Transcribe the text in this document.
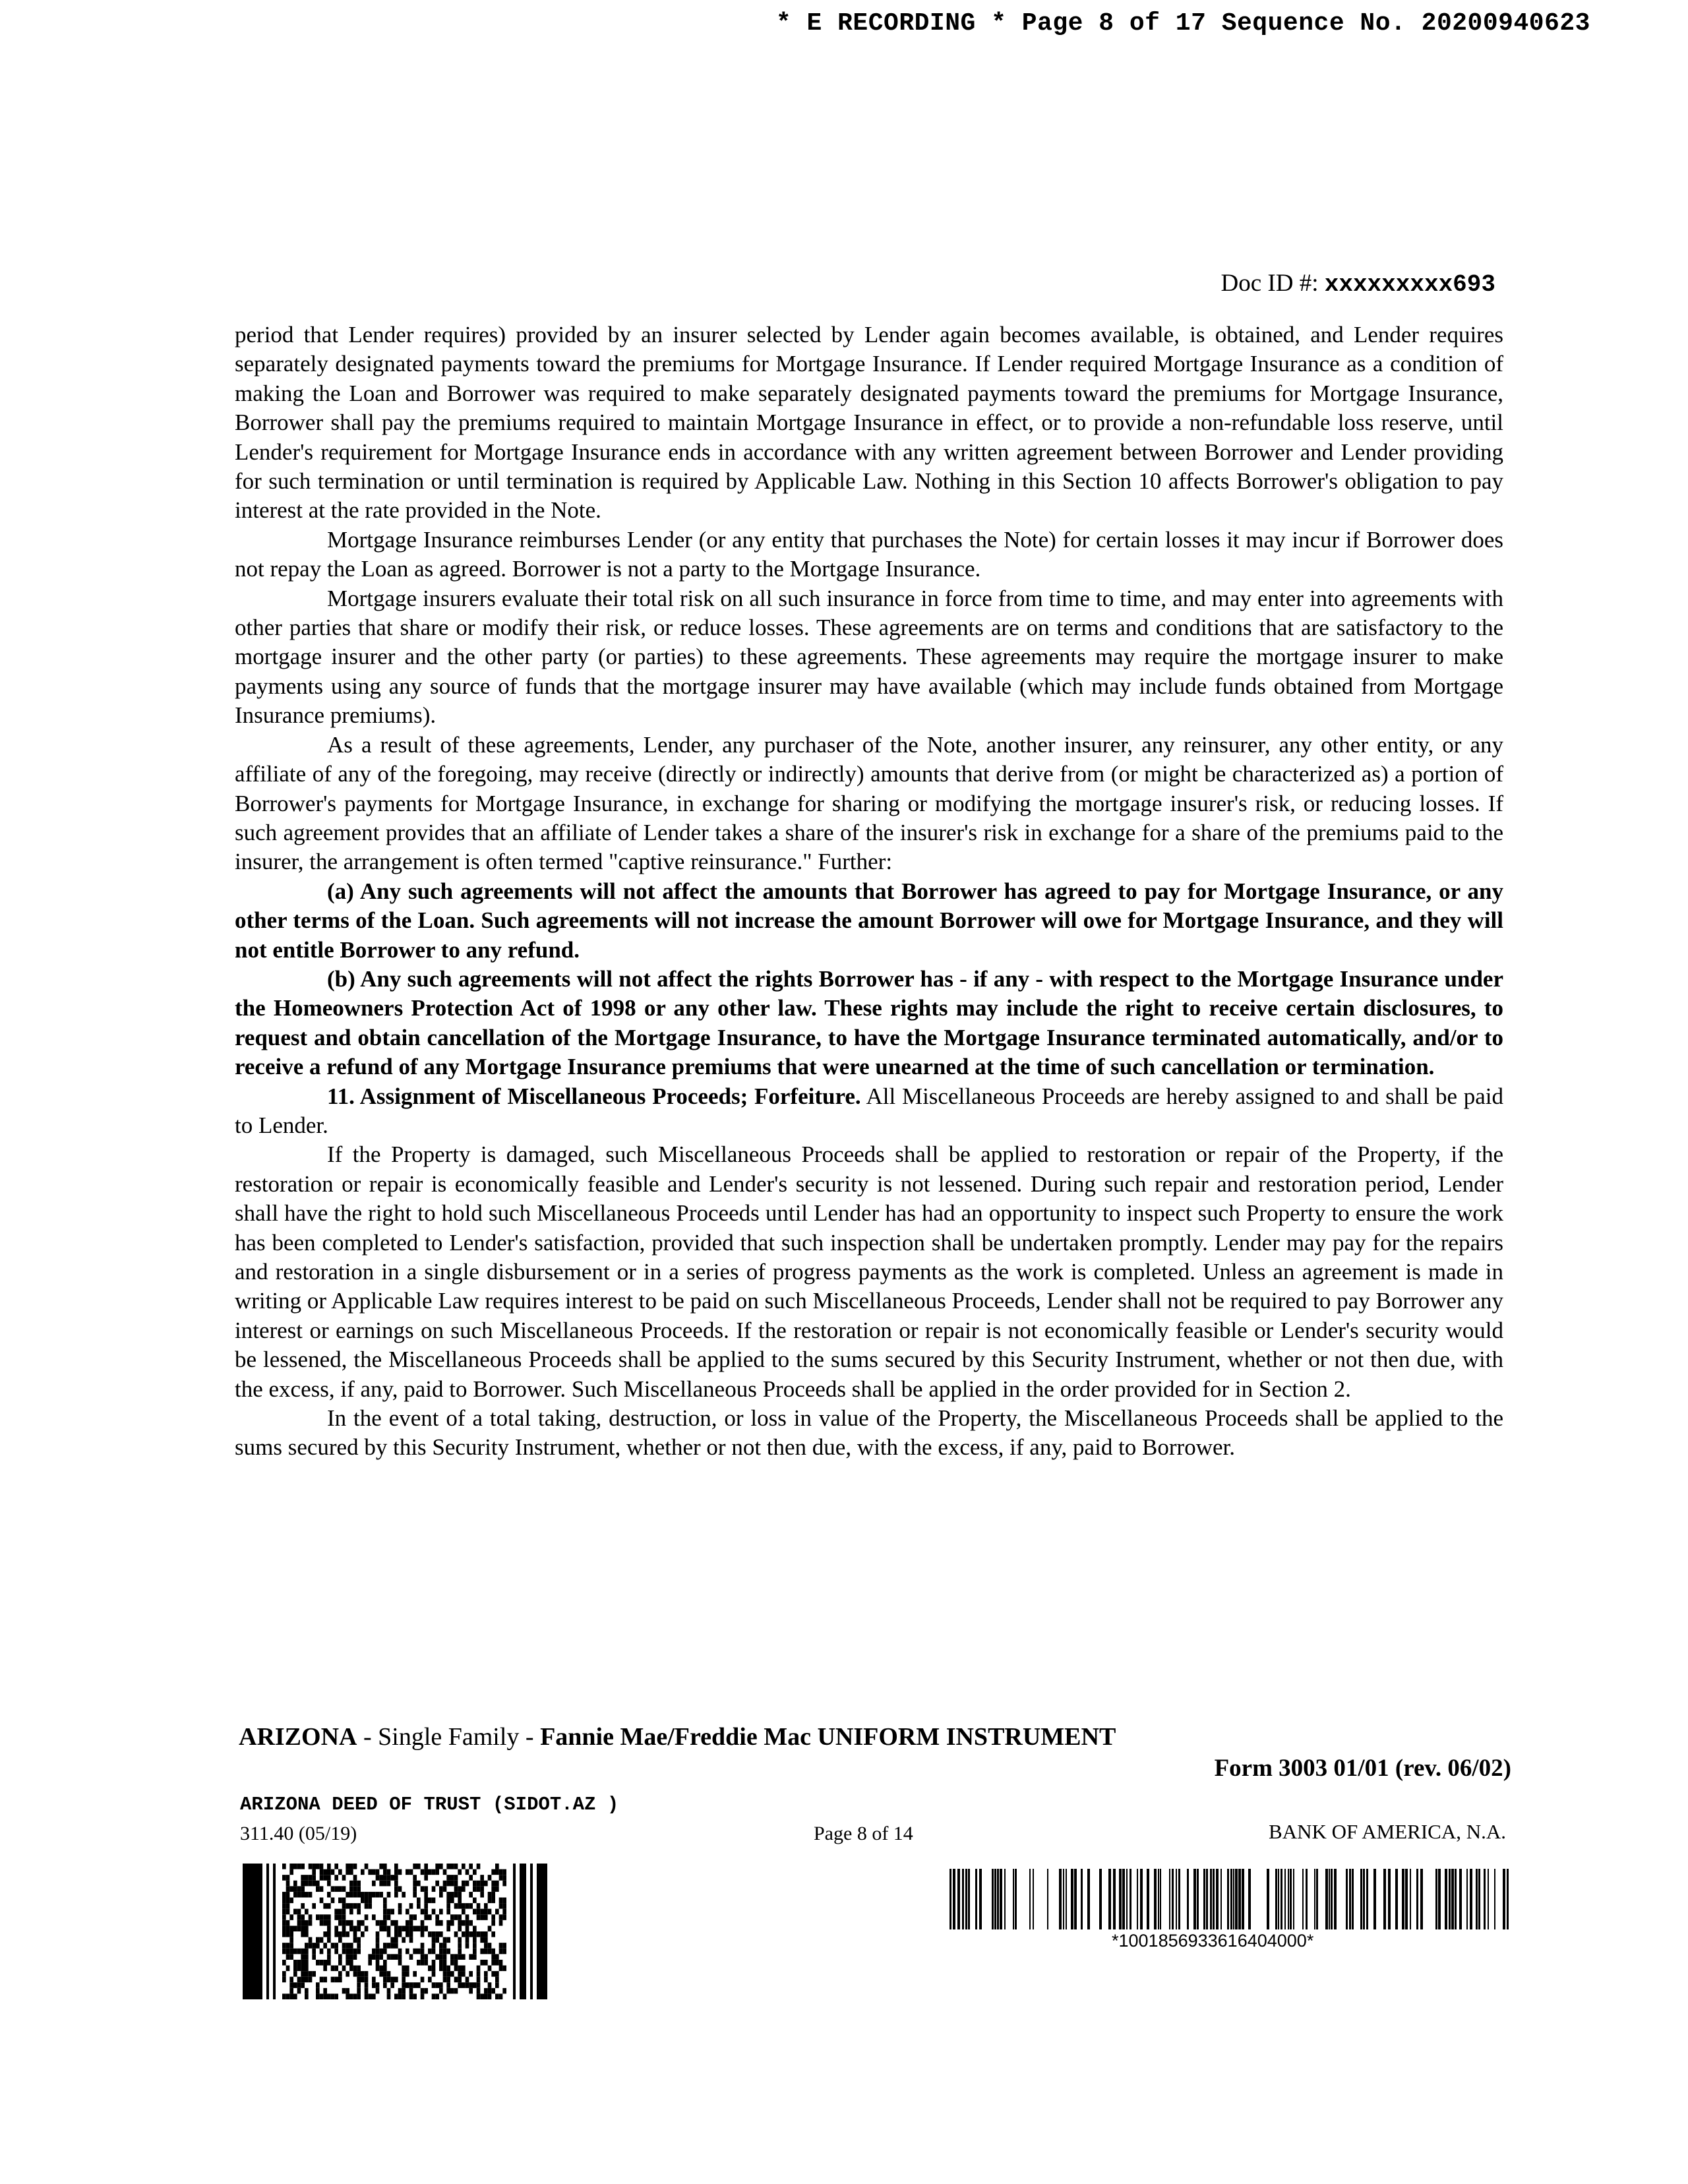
* E RECORDING * Page 8 of 17 Sequence No. 20200940623
Doc ID #: xxxxxxxxx693

period that Lender requires) provided by an insurer selected by Lender again becomes available, is obtained, and Lender requires separately designated payments toward the premiums for Mortgage Insurance. If Lender required Mortgage Insurance as a condition of making the Loan and Borrower was required to make separately designated payments toward the premiums for Mortgage Insurance, Borrower shall pay the premiums required to maintain Mortgage Insurance in effect, or to provide a non-refundable loss reserve, until Lender's requirement for Mortgage Insurance ends in accordance with any written agreement between Borrower and Lender providing for such termination or until termination is required by Applicable Law. Nothing in this Section 10 affects Borrower's obligation to pay interest at the rate provided in the Note.

Mortgage Insurance reimburses Lender (or any entity that purchases the Note) for certain losses it may incur if Borrower does not repay the Loan as agreed. Borrower is not a party to the Mortgage Insurance.

Mortgage insurers evaluate their total risk on all such insurance in force from time to time, and may enter into agreements with other parties that share or modify their risk, or reduce losses. These agreements are on terms and conditions that are satisfactory to the mortgage insurer and the other party (or parties) to these agreements. These agreements may require the mortgage insurer to make payments using any source of funds that the mortgage insurer may have available (which may include funds obtained from Mortgage Insurance premiums).

As a result of these agreements, Lender, any purchaser of the Note, another insurer, any reinsurer, any other entity, or any affiliate of any of the foregoing, may receive (directly or indirectly) amounts that derive from (or might be characterized as) a portion of Borrower's payments for Mortgage Insurance, in exchange for sharing or modifying the mortgage insurer's risk, or reducing losses. If such agreement provides that an affiliate of Lender takes a share of the insurer's risk in exchange for a share of the premiums paid to the insurer, the arrangement is often termed "captive reinsurance." Further:

(a) Any such agreements will not affect the amounts that Borrower has agreed to pay for Mortgage Insurance, or any other terms of the Loan. Such agreements will not increase the amount Borrower will owe for Mortgage Insurance, and they will not entitle Borrower to any refund.

(b) Any such agreements will not affect the rights Borrower has - if any - with respect to the Mortgage Insurance under the Homeowners Protection Act of 1998 or any other law. These rights may include the right to receive certain disclosures, to request and obtain cancellation of the Mortgage Insurance, to have the Mortgage Insurance terminated automatically, and/or to receive a refund of any Mortgage Insurance premiums that were unearned at the time of such cancellation or termination.

11. Assignment of Miscellaneous Proceeds; Forfeiture. All Miscellaneous Proceeds are hereby assigned to and shall be paid to Lender.

If the Property is damaged, such Miscellaneous Proceeds shall be applied to restoration or repair of the Property, if the restoration or repair is economically feasible and Lender's security is not lessened. During such repair and restoration period, Lender shall have the right to hold such Miscellaneous Proceeds until Lender has had an opportunity to inspect such Property to ensure the work has been completed to Lender's satisfaction, provided that such inspection shall be undertaken promptly. Lender may pay for the repairs and restoration in a single disbursement or in a series of progress payments as the work is completed. Unless an agreement is made in writing or Applicable Law requires interest to be paid on such Miscellaneous Proceeds, Lender shall not be required to pay Borrower any interest or earnings on such Miscellaneous Proceeds. If the restoration or repair is not economically feasible or Lender's security would be lessened, the Miscellaneous Proceeds shall be applied to the sums secured by this Security Instrument, whether or not then due, with the excess, if any, paid to Borrower. Such Miscellaneous Proceeds shall be applied in the order provided for in Section 2.

In the event of a total taking, destruction, or loss in value of the Property, the Miscellaneous Proceeds shall be applied to the sums secured by this Security Instrument, whether or not then due, with the excess, if any, paid to Borrower.

ARIZONA - Single Family - Fannie Mae/Freddie Mac UNIFORM INSTRUMENT
Form 3003 01/01 (rev. 06/02)
ARIZONA DEED OF TRUST (SIDOT.AZ )
311.40 (05/19)	Page 8 of 14	BANK OF AMERICA, N.A.
*1001856933616404000*
